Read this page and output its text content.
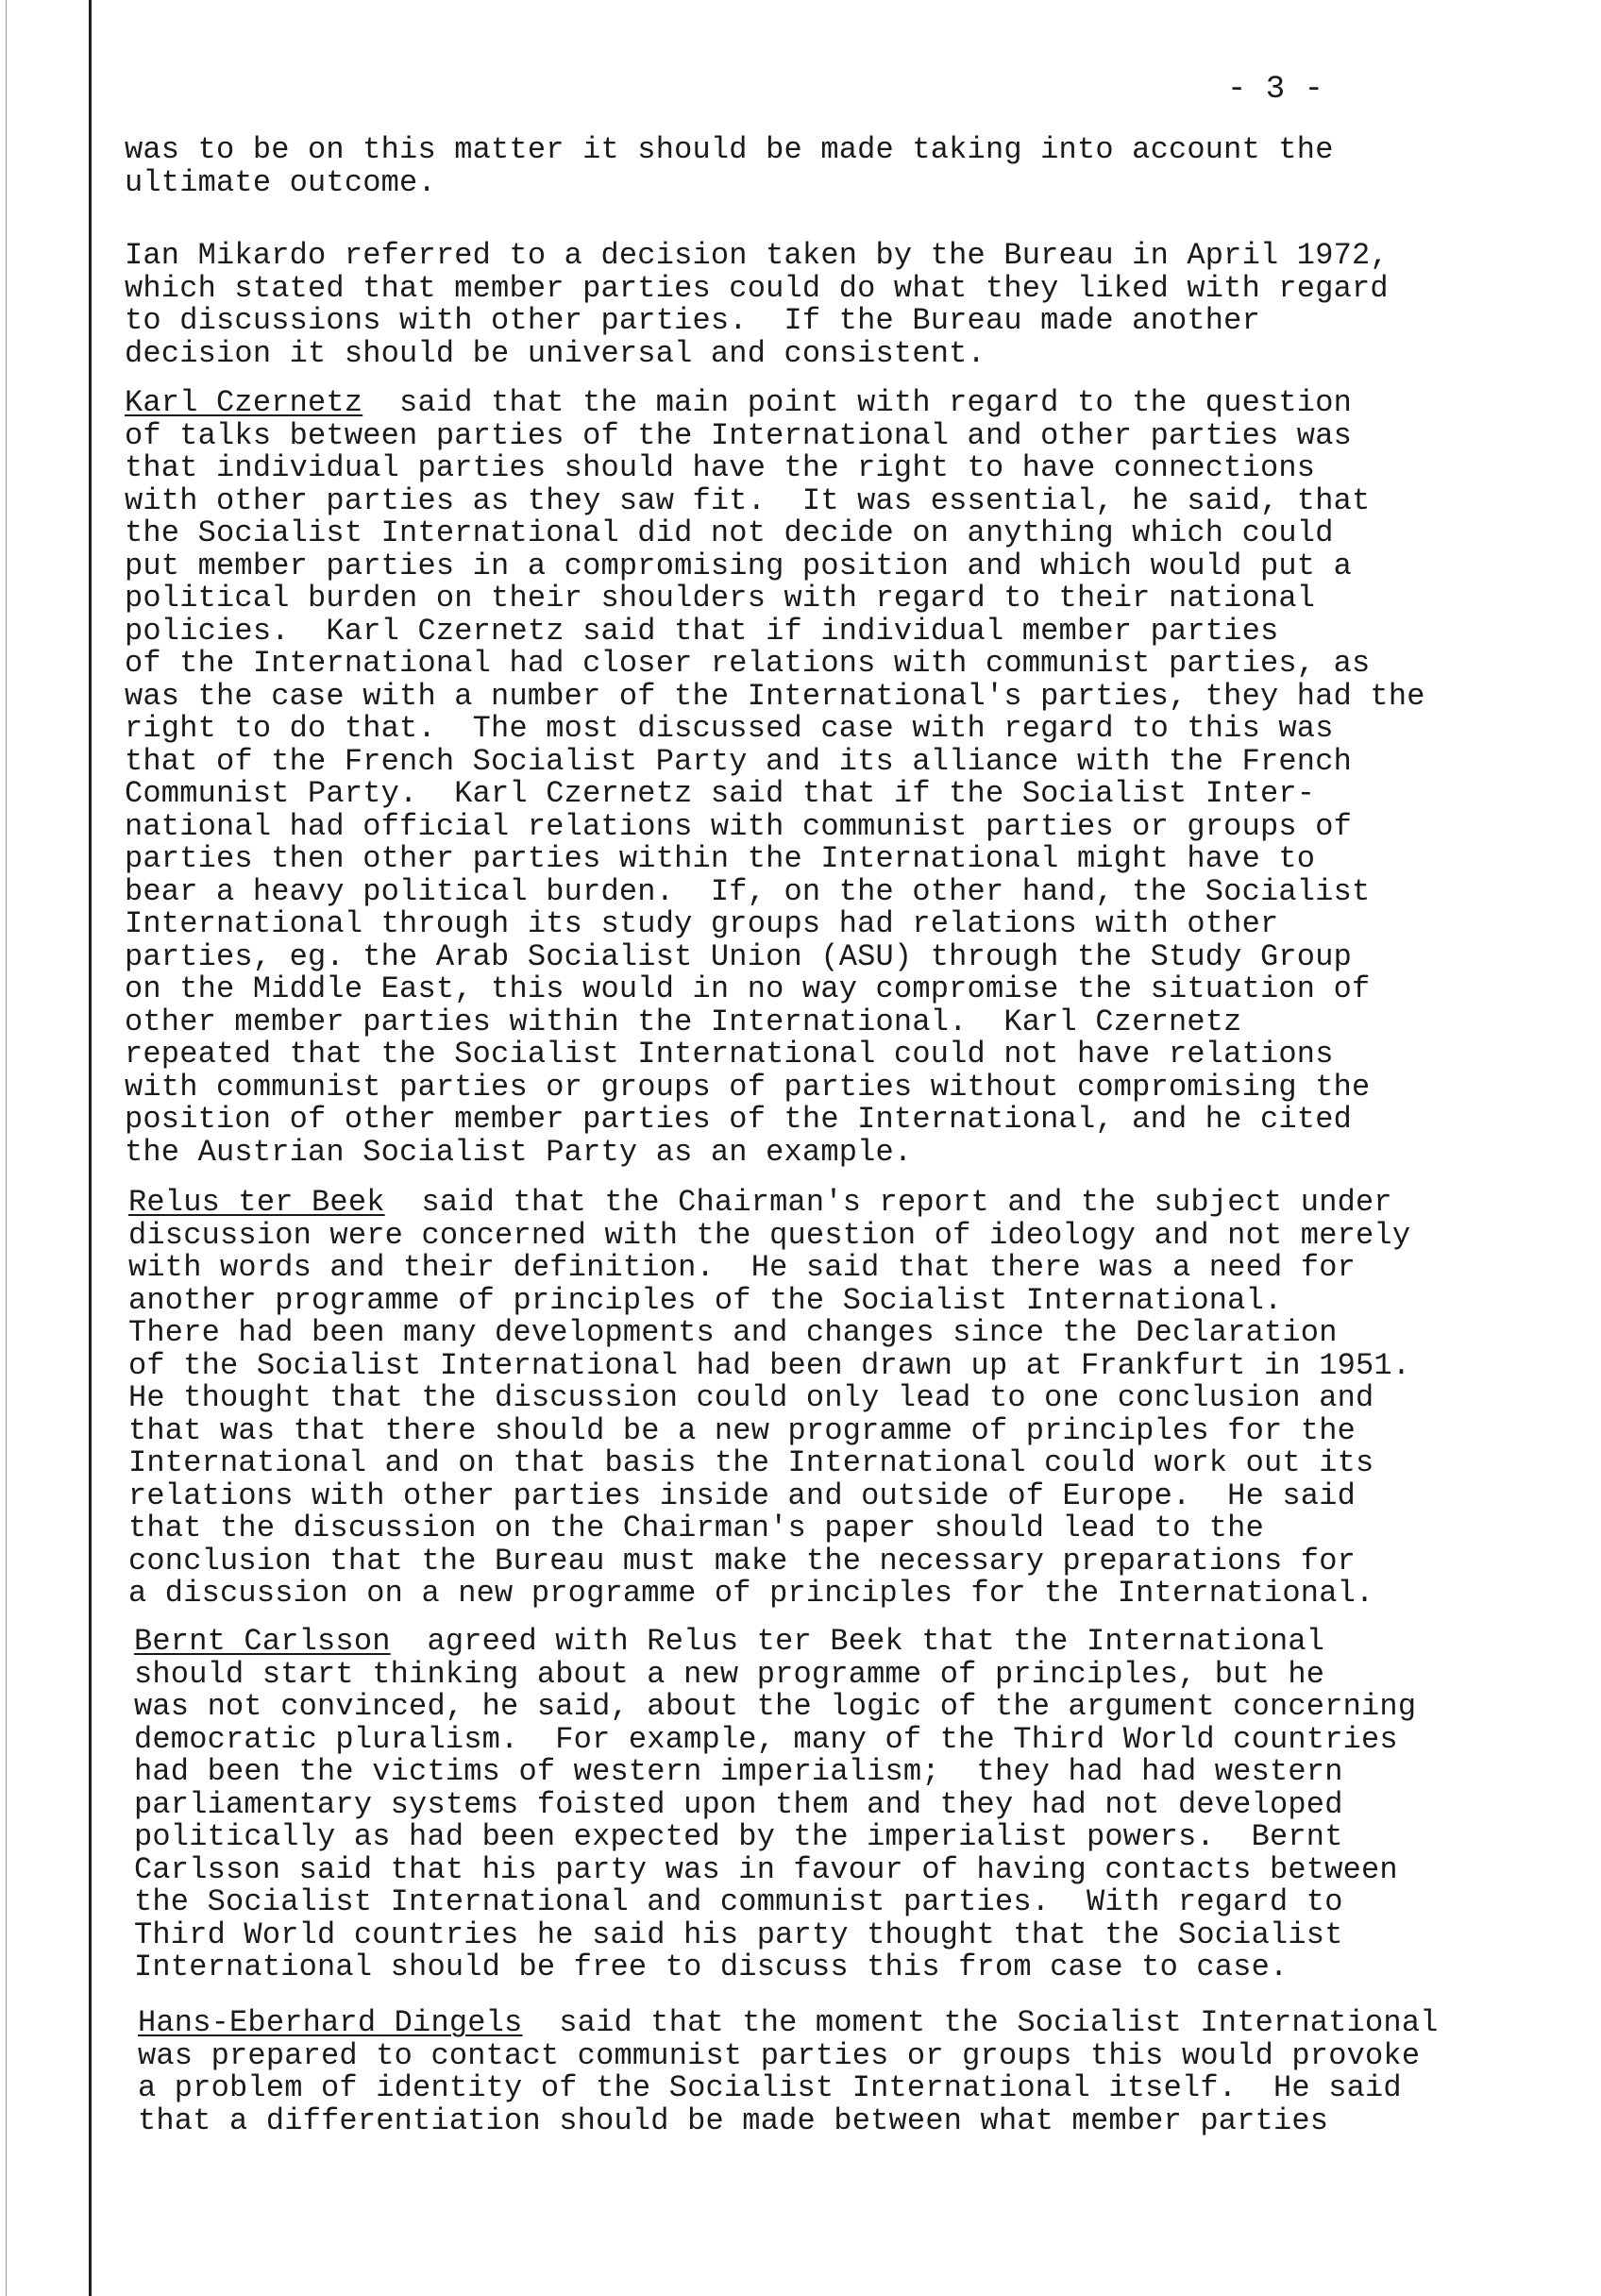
- 3 -
was to be on this matter it should be made taking into account the
ultimate outcome.
Ian Mikardo referred to a decision taken by the Bureau in April 1972,
which stated that member parties could do what they liked with regard
to discussions with other parties.  If the Bureau made another
decision it should be universal and consistent.
Karl Czernetz  said that the main point with regard to the question
of talks between parties of the International and other parties was
that individual parties should have the right to have connections
with other parties as they saw fit.  It was essential, he said, that
the Socialist International did not decide on anything which could
put member parties in a compromising position and which would put a
political burden on their shoulders with regard to their national
policies.  Karl Czernetz said that if individual member parties
of the International had closer relations with communist parties, as
was the case with a number of the International's parties, they had the
right to do that.  The most discussed case with regard to this was
that of the French Socialist Party and its alliance with the French
Communist Party.  Karl Czernetz said that if the Socialist Inter-
national had official relations with communist parties or groups of
parties then other parties within the International might have to
bear a heavy political burden.  If, on the other hand, the Socialist
International through its study groups had relations with other
parties, eg. the Arab Socialist Union (ASU) through the Study Group
on the Middle East, this would in no way compromise the situation of
other member parties within the International.  Karl Czernetz
repeated that the Socialist International could not have relations
with communist parties or groups of parties without compromising the
position of other member parties of the International, and he cited
the Austrian Socialist Party as an example.
Relus ter Beek  said that the Chairman's report and the subject under
discussion were concerned with the question of ideology and not merely
with words and their definition.  He said that there was a need for
another programme of principles of the Socialist International.
There had been many developments and changes since the Declaration
of the Socialist International had been drawn up at Frankfurt in 1951.
He thought that the discussion could only lead to one conclusion and
that was that there should be a new programme of principles for the
International and on that basis the International could work out its
relations with other parties inside and outside of Europe.  He said
that the discussion on the Chairman's paper should lead to the
conclusion that the Bureau must make the necessary preparations for
a discussion on a new programme of principles for the International.
Bernt Carlsson  agreed with Relus ter Beek that the International
should start thinking about a new programme of principles, but he
was not convinced, he said, about the logic of the argument concerning
democratic pluralism.  For example, many of the Third World countries
had been the victims of western imperialism;  they had had western
parliamentary systems foisted upon them and they had not developed
politically as had been expected by the imperialist powers.  Bernt
Carlsson said that his party was in favour of having contacts between
the Socialist International and communist parties.  With regard to
Third World countries he said his party thought that the Socialist
International should be free to discuss this from case to case.
Hans-Eberhard Dingels  said that the moment the Socialist International
was prepared to contact communist parties or groups this would provoke
a problem of identity of the Socialist International itself.  He said
that a differentiation should be made between what member parties
